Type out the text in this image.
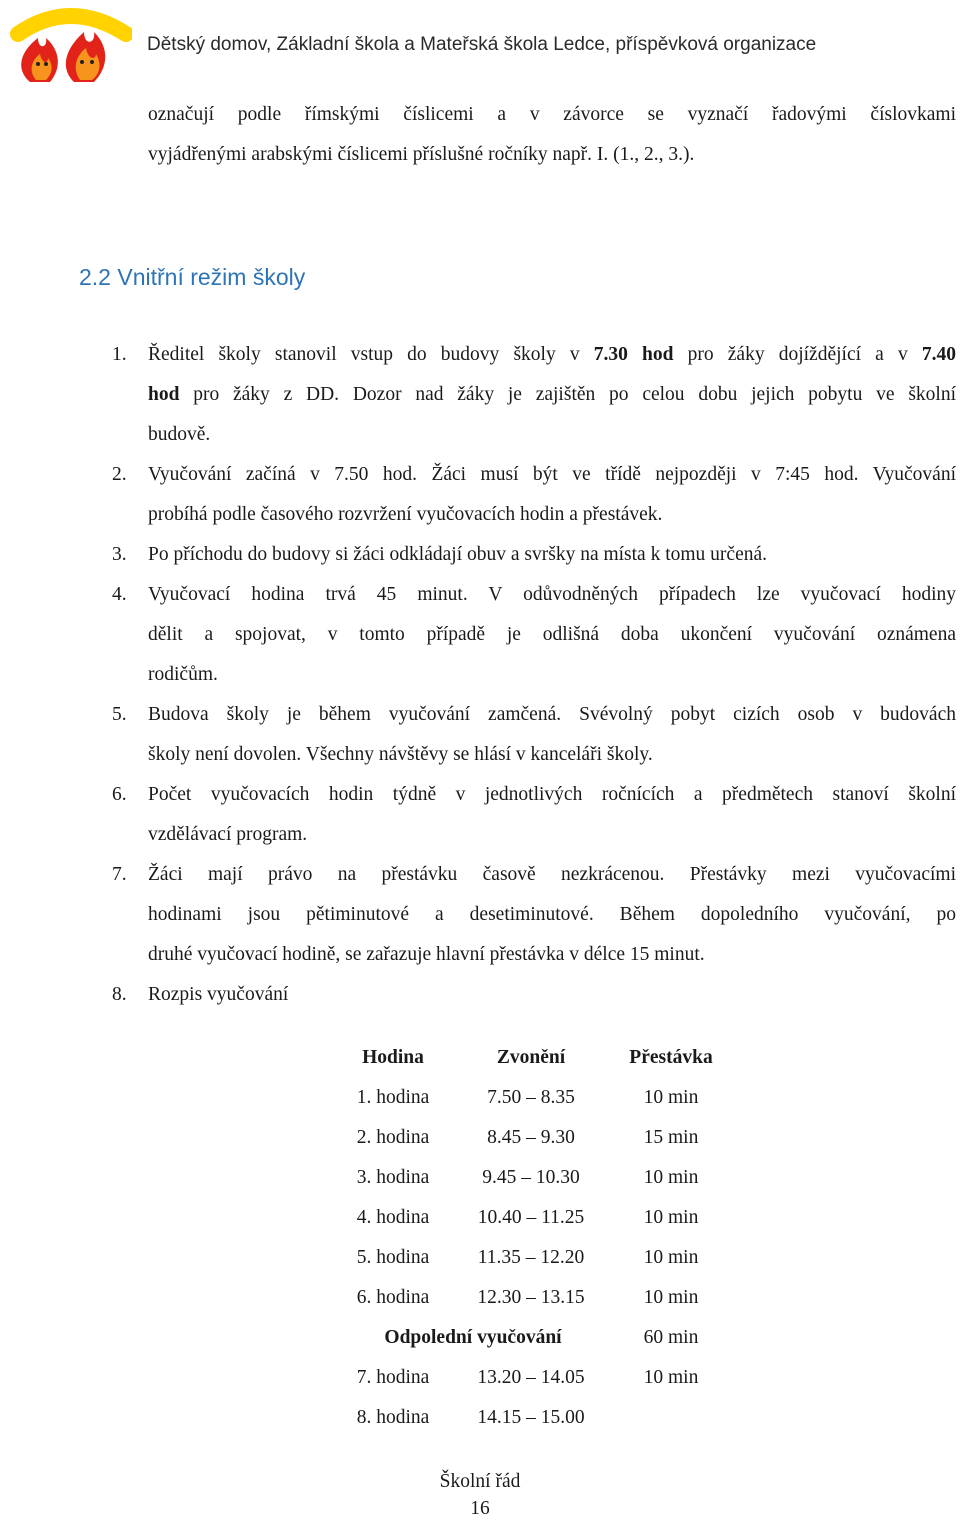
Dětský domov, Základní škola a Mateřská škola Ledce, příspěvková organizace
označují podle římskými číslicemi a v závorce se vyznačí řadovými číslovkami
vyjádřenými arabskými číslicemi příslušné ročníky např. I. (1., 2., 3.).
2.2 Vnitřní režim školy
1. Ředitel školy stanovil vstup do budovy školy v 7.30 hod pro žáky dojíždějící a v 7.40
hod pro žáky z DD. Dozor nad žáky je zajištěn po celou dobu jejich pobytu ve školní
budově.
2. Vyučování začíná v 7.50 hod. Žáci musí být ve třídě nejpozději v 7:45 hod. Vyučování
probíhá podle časového rozvržení vyučovacích hodin a přestávek.
3. Po příchodu do budovy si žáci odkládají obuv a svršky na místa k tomu určená.
4. Vyučovací hodina trvá 45 minut. V odůvodněných případech lze vyučovací hodiny
dělit a spojovat, v tomto případě je odlišná doba ukončení vyučování oznámena
rodičům.
5. Budova školy je během vyučování zamčená. Svévolný pobyt cizích osob v budovách
školy není dovolen. Všechny návštěvy se hlásí v kanceláři školy.
6. Počet vyučovacích hodin týdně v jednotlivých ročnících a předmětech stanoví školní
vzdělávací program.
7. Žáci mají právo na přestávku časově nezkrácenou. Přestávky mezi vyučovacími
hodinami jsou pětiminutové a desetiminutové. Během dopoledního vyučování, po
druhé vyučovací hodině, se zařazuje hlavní přestávka v délce 15 minut.
8. Rozpis vyučování
Hodina	Zvonění	Přestávka
1. hodina	7.50 – 8.35	10 min
2. hodina	8.45 – 9.30	15 min
3. hodina	9.45 – 10.30	10 min
4. hodina	10.40 – 11.25	10 min
5. hodina	11.35 – 12.20	10 min
6. hodina	12.30 – 13.15	10 min
Odpolední vyučování	60 min
7. hodina	13.20 – 14.05	10 min
8. hodina	14.15 – 15.00
Školní řád
16
